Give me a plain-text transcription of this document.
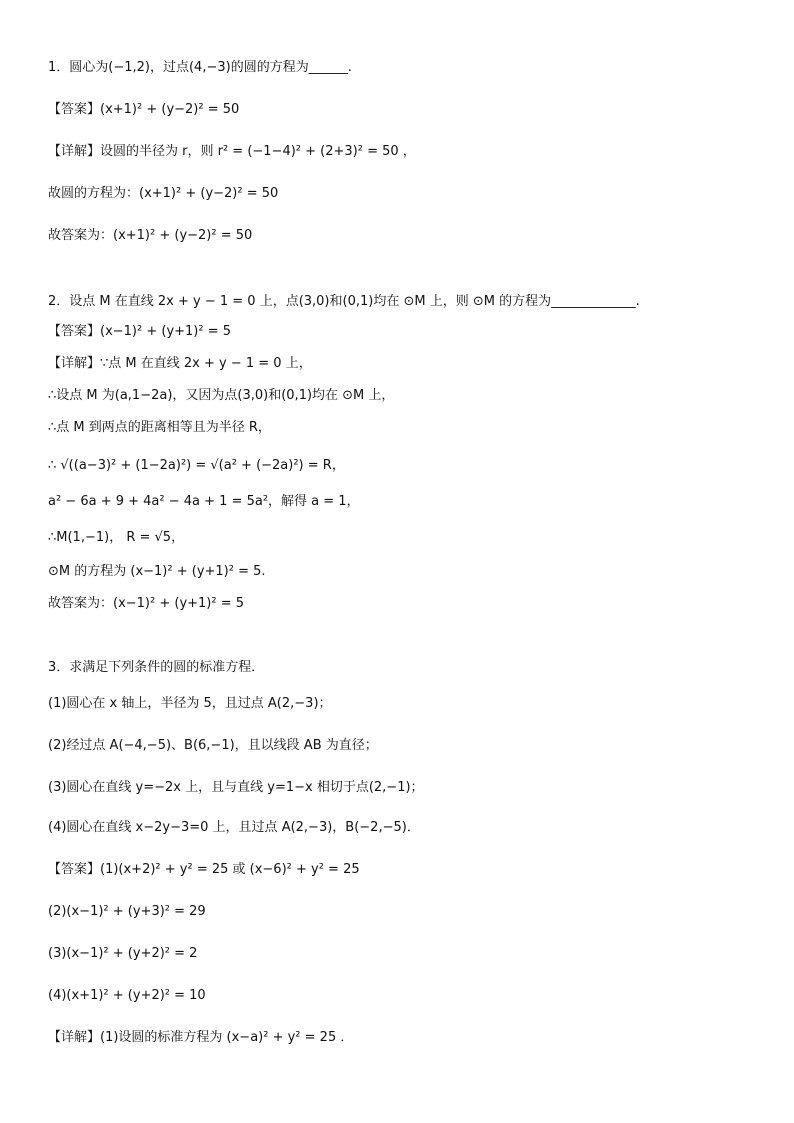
1．圆心为(−1,2)，过点(4,−3)的圆的方程为______.
【答案】(x+1)² + (y−2)² = 50
【详解】设圆的半径为 r，则 r² = (−1−4)² + (2+3)² = 50 ，
故圆的方程为：(x+1)² + (y−2)² = 50
故答案为：(x+1)² + (y−2)² = 50
2．设点 M 在直线 2x + y − 1 = 0 上，点(3,0)和(0,1)均在 ⊙M 上，则 ⊙M 的方程为_____________.
【答案】(x−1)² + (y+1)² = 5
【详解】∵点 M 在直线 2x + y − 1 = 0 上，
∴设点 M 为(a,1−2a)，又因为点(3,0)和(0,1)均在 ⊙M 上，
∴点 M 到两点的距离相等且为半径 R，
∴ √((a−3)² + (1−2a)²) = √(a² + (−2a)²) = R，
a² − 6a + 9 + 4a² − 4a + 1 = 5a²，解得 a = 1，
∴M(1,−1)， R = √5，
⊙M 的方程为 (x−1)² + (y+1)² = 5.
故答案为：(x−1)² + (y+1)² = 5
3．求满足下列条件的圆的标准方程．
(1)圆心在 x 轴上，半径为 5，且过点 A(2,−3)；
(2)经过点 A(−4,−5)、B(6,−1)，且以线段 AB 为直径；
(3)圆心在直线 y=−2x 上，且与直线 y=1−x 相切于点(2,−1)；
(4)圆心在直线 x−2y−3=0 上，且过点 A(2,−3)，B(−2,−5)．
【答案】(1)(x+2)² + y² = 25 或 (x−6)² + y² = 25
(2)(x−1)² + (y+3)² = 29
(3)(x−1)² + (y+2)² = 2
(4)(x+1)² + (y+2)² = 10
【详解】(1)设圆的标准方程为 (x−a)² + y² = 25 ．
